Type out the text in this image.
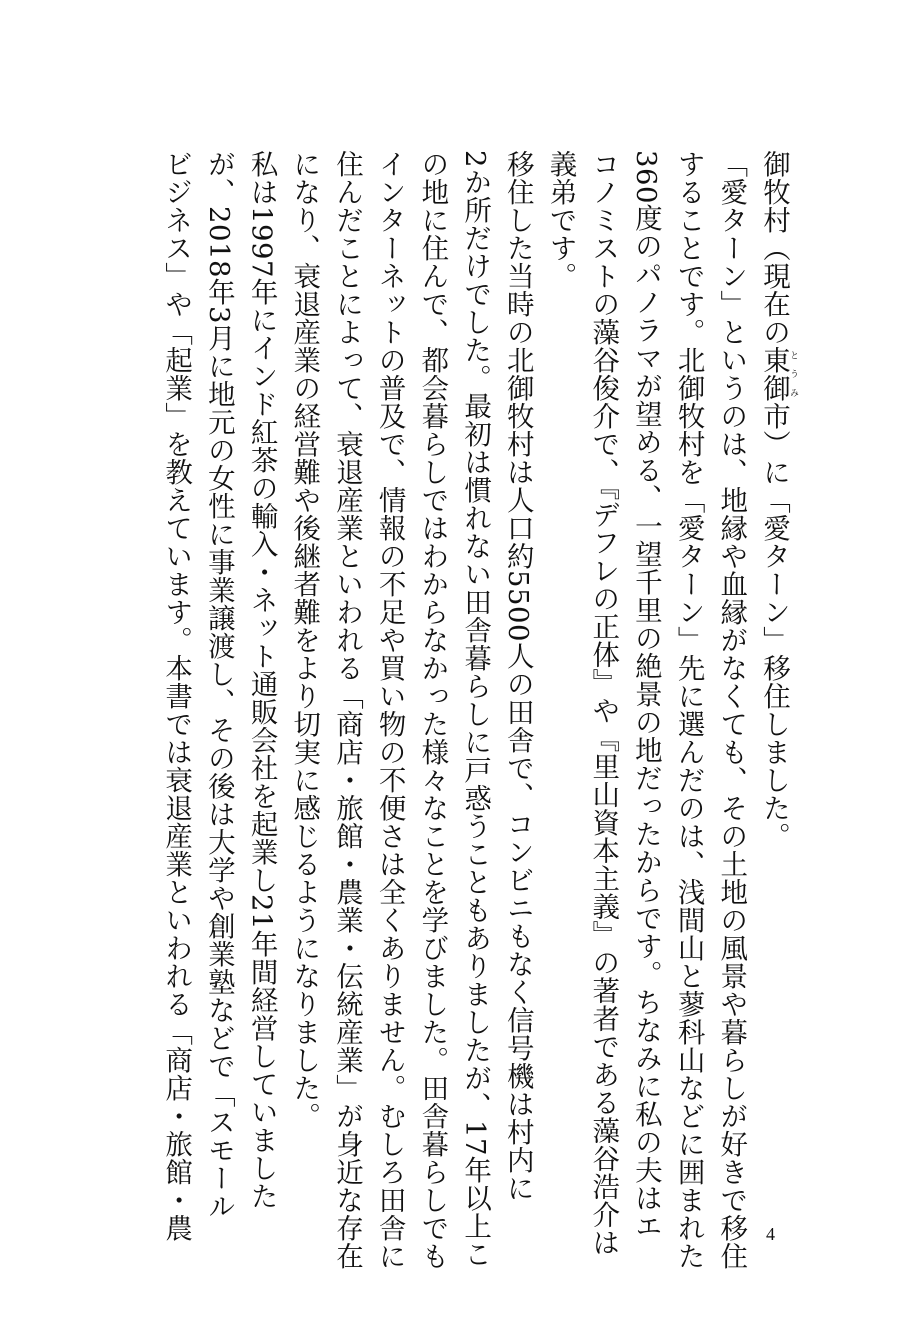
御牧村（現在の東御とうみ市）に「愛ターン」移住しました。

「愛ターン」というのは、地縁や血縁がなくても、その土地の風景や暮らしが好きで移住

することです。北御牧村を「愛ターン」先に選んだのは、浅間山と蓼科山などに囲まれた

360度のパノラマが望める、一望千里の絶景の地だったからです。ちなみに私の夫はエ

コノミストの藻谷俊介で、『デフレの正体』や『里山資本主義』の著者である藻谷浩介は

義弟です。

移住した当時の北御牧村は人口約5500人の田舎で、コンビニもなく信号機は村内に

2か所だけでした。最初は慣れない田舎暮らしに戸惑うこともありましたが、17年以上こ

の地に住んで、都会暮らしではわからなかった様々なことを学びました。田舎暮らしでも

インターネットの普及で、情報の不足や買い物の不便さは全くありません。むしろ田舎に

住んだことによって、衰退産業といわれる「商店・旅館・農業・伝統産業」が身近な存在

になり、衰退産業の経営難や後継者難をより切実に感じるようになりました。

私は1997年にインド紅茶の輸入・ネット通販会社を起業し21年間経営していました

が、2018年3月に地元の女性に事業譲渡し、その後は大学や創業塾などで「スモール

ビジネス」や「起業」を教えています。本書では衰退産業といわれる「商店・旅館・農	4
